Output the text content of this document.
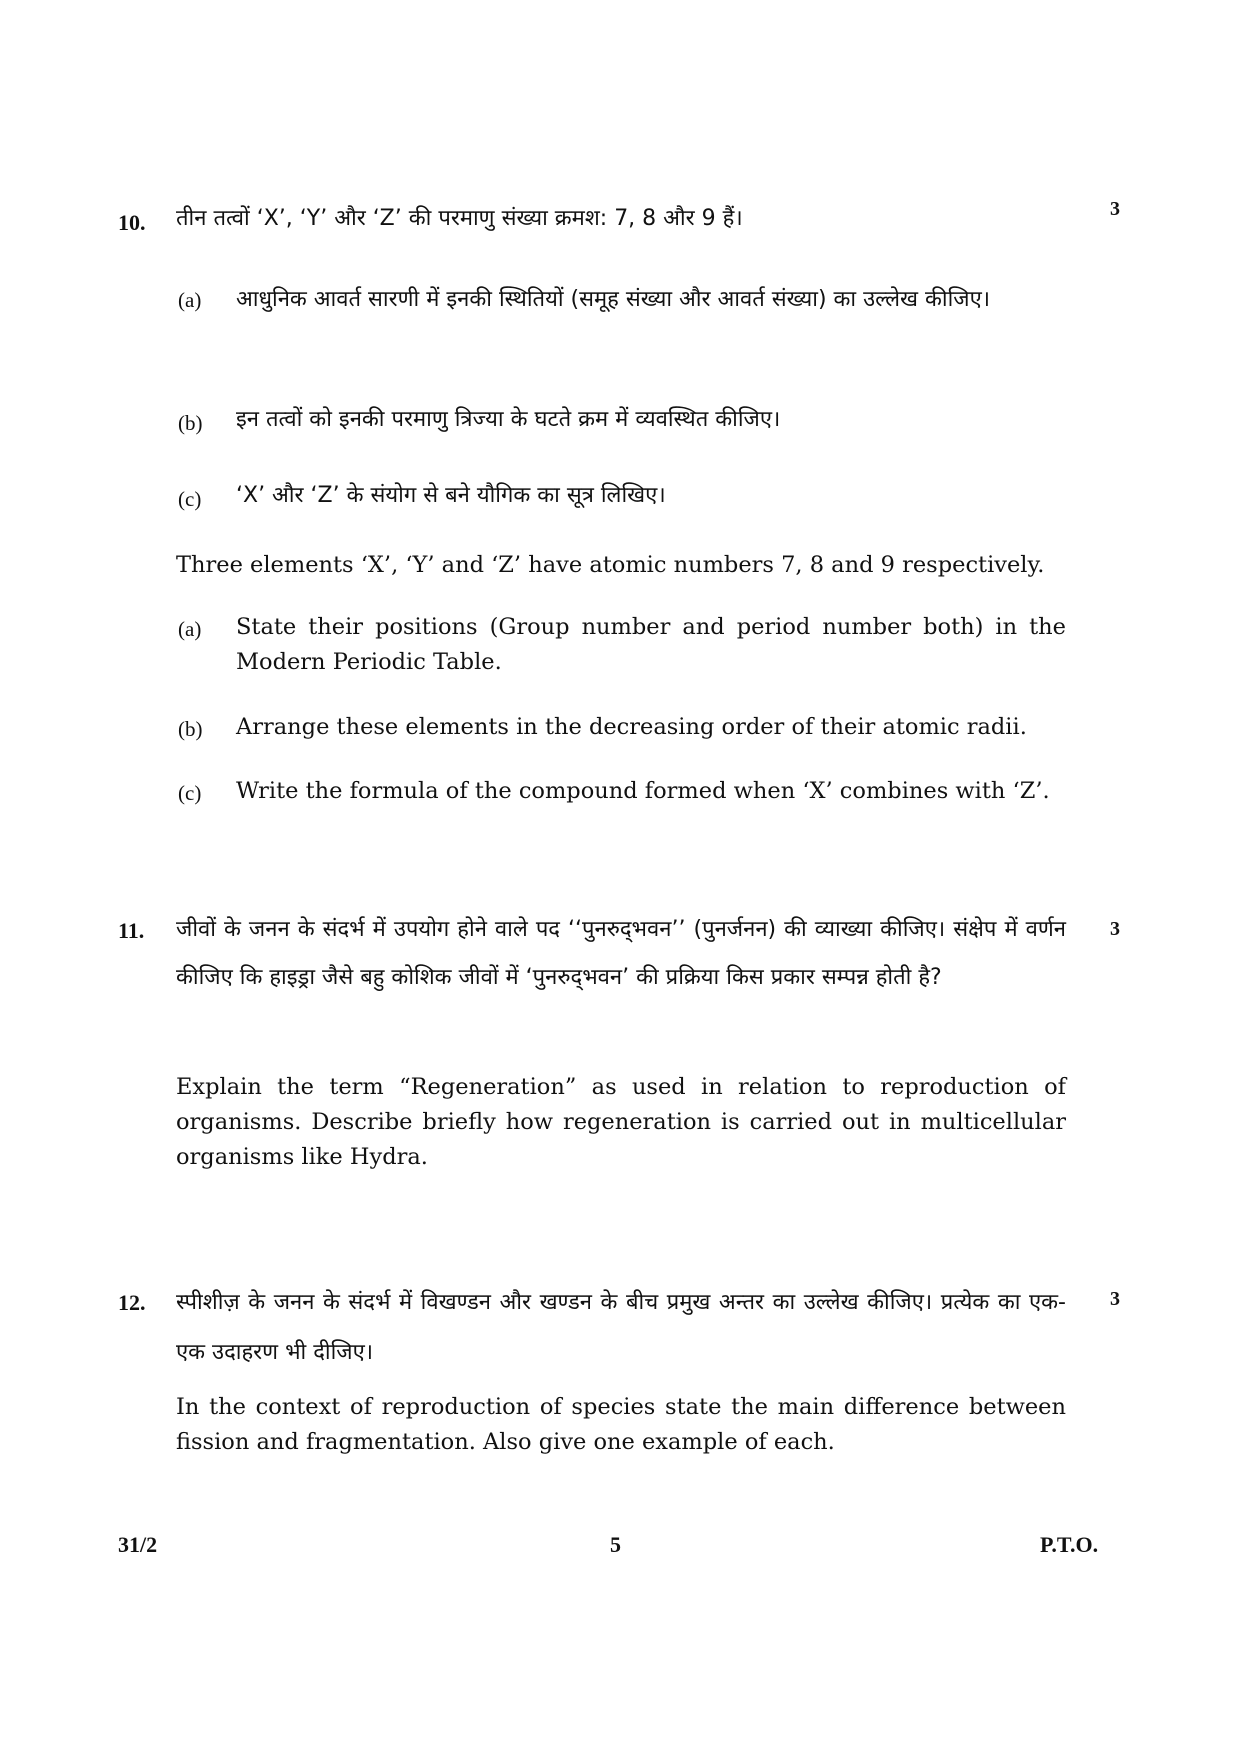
10.
3
तीन तत्वों ‘X’, ‘Y’ और ‘Z’ की परमाणु संख्या क्रमश: 7, 8 और 9 हैं।
(a) आधुनिक आवर्त सारणी में इनकी स्थितियों (समूह संख्या और आवर्त संख्या) का उल्लेख कीजिए।
(b) इन तत्वों को इनकी परमाणु त्रिज्या के घटते क्रम में व्यवस्थित कीजिए।
(c) ‘X’ और ‘Z’ के संयोग से बने यौगिक का सूत्र लिखिए।
Three elements ‘X’, ‘Y’ and ‘Z’ have atomic numbers 7, 8 and 9 respectively.
(a) State their positions (Group number and period number both) in the Modern Periodic Table.
(b) Arrange these elements in the decreasing order of their atomic radii.
(c) Write the formula of the compound formed when ‘X’ combines with ‘Z’.
11.	3
जीवों के जनन के संदर्भ में उपयोग होने वाले पद ‘‘पुनरुद्‌भवन’’ (पुनर्जनन) की व्याख्या कीजिए। संक्षेप में वर्णन कीजिए कि हाइड्रा जैसे बहु कोशिक जीवों में ‘पुनरुद्‌भवन’ की प्रक्रिया किस प्रकार सम्पन्न होती है?
Explain the term “Regeneration” as used in relation to reproduction of organisms. Describe briefly how regeneration is carried out in multicellular organisms like Hydra.
12.	3
स्पीशीज़ के जनन के संदर्भ में विखण्डन और खण्डन के बीच प्रमुख अन्तर का उल्लेख कीजिए। प्रत्येक का एक-एक उदाहरण भी दीजिए।
In the context of reproduction of species state the main difference between fission and fragmentation. Also give one example of each.
31/2	5	P.T.O.
